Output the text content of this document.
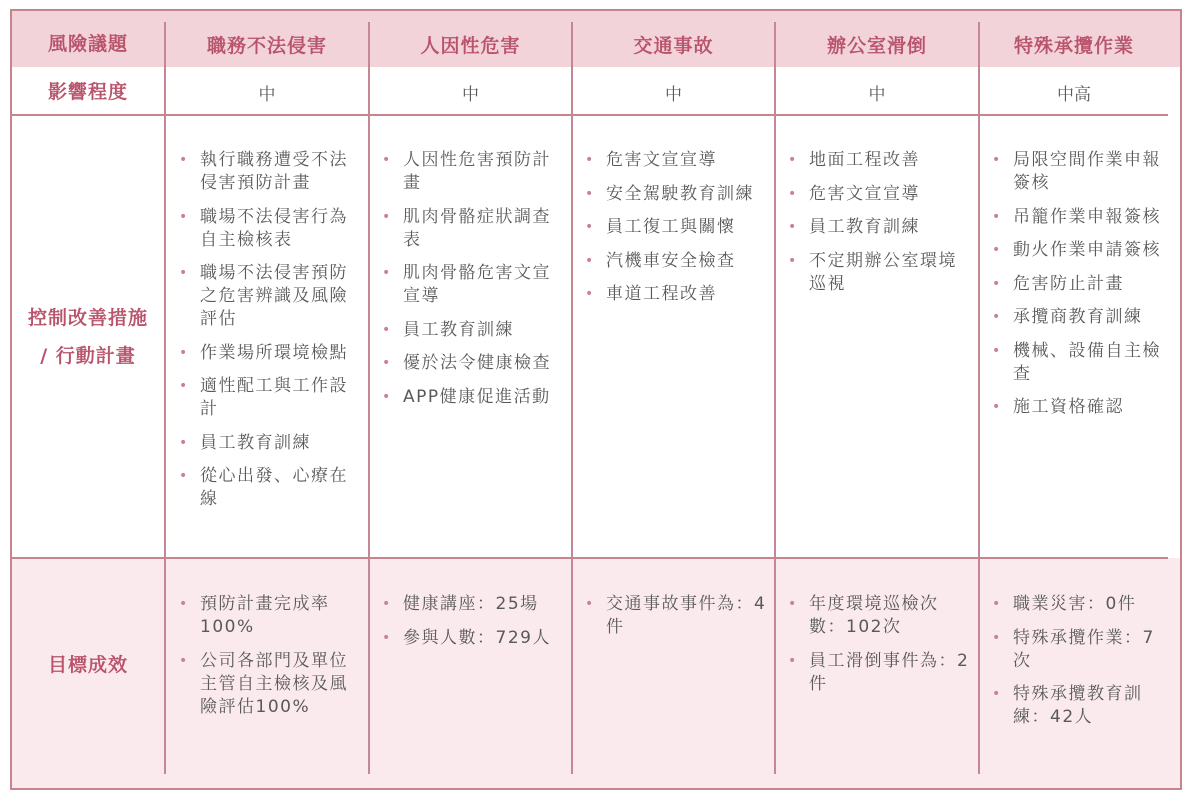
風險議題
影響程度
控制改善措施
/ 行動計畫
目標成效
職務不法侵害
中
• 執行職務遭受不法侵害預防計畫
• 職場不法侵害行為自主檢核表
• 職場不法侵害預防之危害辨識及風險評估
• 作業場所環境檢點
• 適性配工與工作設計
• 員工教育訓練
• 從心出發、心療在線
• 預防計畫完成率100%
• 公司各部門及單位主管自主檢核及風險評估100%
人因性危害
中
• 人因性危害預防計畫
• 肌肉骨骼症狀調查表
• 肌肉骨骼危害文宣宣導
• 員工教育訓練
• 優於法令健康檢查
• APP健康促進活動
• 健康講座：25場
• 參與人數：729人
交通事故
中
• 危害文宣宣導
• 安全駕駛教育訓練
• 員工復工與關懷
• 汽機車安全檢查
• 車道工程改善
• 交通事故事件為：4件
辦公室滑倒
中
• 地面工程改善
• 危害文宣宣導
• 員工教育訓練
• 不定期辦公室環境巡視
• 年度環境巡檢次數：102次
• 員工滑倒事件為：2件
特殊承攬作業
中高
• 局限空間作業申報簽核
• 吊籠作業申報簽核
• 動火作業申請簽核
• 危害防止計畫
• 承攬商教育訓練
• 機械、設備自主檢查
• 施工資格確認
• 職業災害：0件
• 特殊承攬作業：7次
• 特殊承攬教育訓練：42人
